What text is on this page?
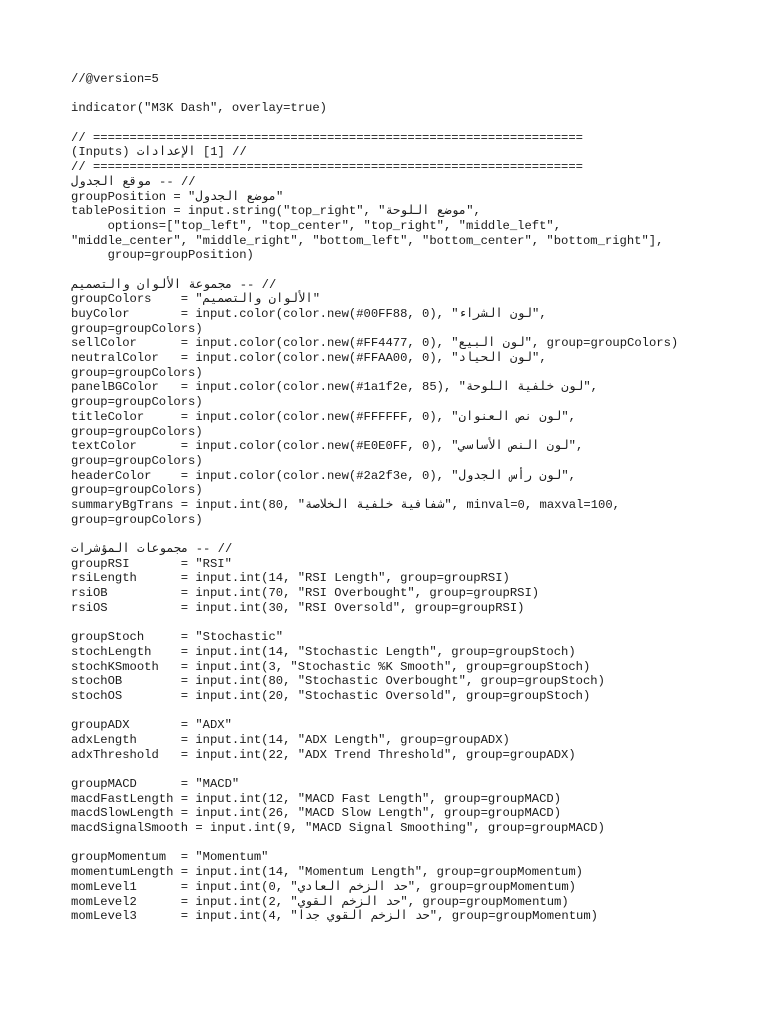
//@version=5
indicator("M3K Dash", overlay=true)
// ===================================================================
// [1] الإعدادات (Inputs)
// ===================================================================
// -- موقع الجدول
groupPosition = "موضع الجدول"
tablePosition = input.string("top_right", "موضع اللوحة",
options=["top_left", "top_center", "top_right", "middle_left",
"middle_center", "middle_right", "bottom_left", "bottom_center", "bottom_right"],
group=groupPosition)
// -- مجموعة الألوان والتصميم
groupColors    = "الألوان والتصميم"
buyColor       = input.color(color.new(#00FF88, 0), "لون الشراء",
group=groupColors)
sellColor      = input.color(color.new(#FF4477, 0), "لون البيع", group=groupColors)
neutralColor   = input.color(color.new(#FFAA00, 0), "لون الحياد",
group=groupColors)
panelBGColor   = input.color(color.new(#1a1f2e, 85), "لون خلفية اللوحة",
group=groupColors)
titleColor     = input.color(color.new(#FFFFFF, 0), "لون نص العنوان",
group=groupColors)
textColor      = input.color(color.new(#E0E0FF, 0), "لون النص الأساسي",
group=groupColors)
headerColor    = input.color(color.new(#2a2f3e, 0), "لون رأس الجدول",
group=groupColors)
summaryBgTrans = input.int(80, "شفافية خلفية الخلاصة", minval=0, maxval=100,
group=groupColors)
// -- مجموعات المؤشرات
groupRSI       = "RSI"
rsiLength      = input.int(14, "RSI Length", group=groupRSI)
rsiOB          = input.int(70, "RSI Overbought", group=groupRSI)
rsiOS          = input.int(30, "RSI Oversold", group=groupRSI)
groupStoch     = "Stochastic"
stochLength    = input.int(14, "Stochastic Length", group=groupStoch)
stochKSmooth   = input.int(3, "Stochastic %K Smooth", group=groupStoch)
stochOB        = input.int(80, "Stochastic Overbought", group=groupStoch)
stochOS        = input.int(20, "Stochastic Oversold", group=groupStoch)
groupADX       = "ADX"
adxLength      = input.int(14, "ADX Length", group=groupADX)
adxThreshold   = input.int(22, "ADX Trend Threshold", group=groupADX)
groupMACD      = "MACD"
macdFastLength = input.int(12, "MACD Fast Length", group=groupMACD)
macdSlowLength = input.int(26, "MACD Slow Length", group=groupMACD)
macdSignalSmooth = input.int(9, "MACD Signal Smoothing", group=groupMACD)
groupMomentum  = "Momentum"
momentumLength = input.int(14, "Momentum Length", group=groupMomentum)
momLevel1      = input.int(0, "حد الزخم العادي", group=groupMomentum)
momLevel2      = input.int(2, "حد الزخم القوي", group=groupMomentum)
momLevel3      = input.int(4, "حد الزخم القوي جدا", group=groupMomentum)
